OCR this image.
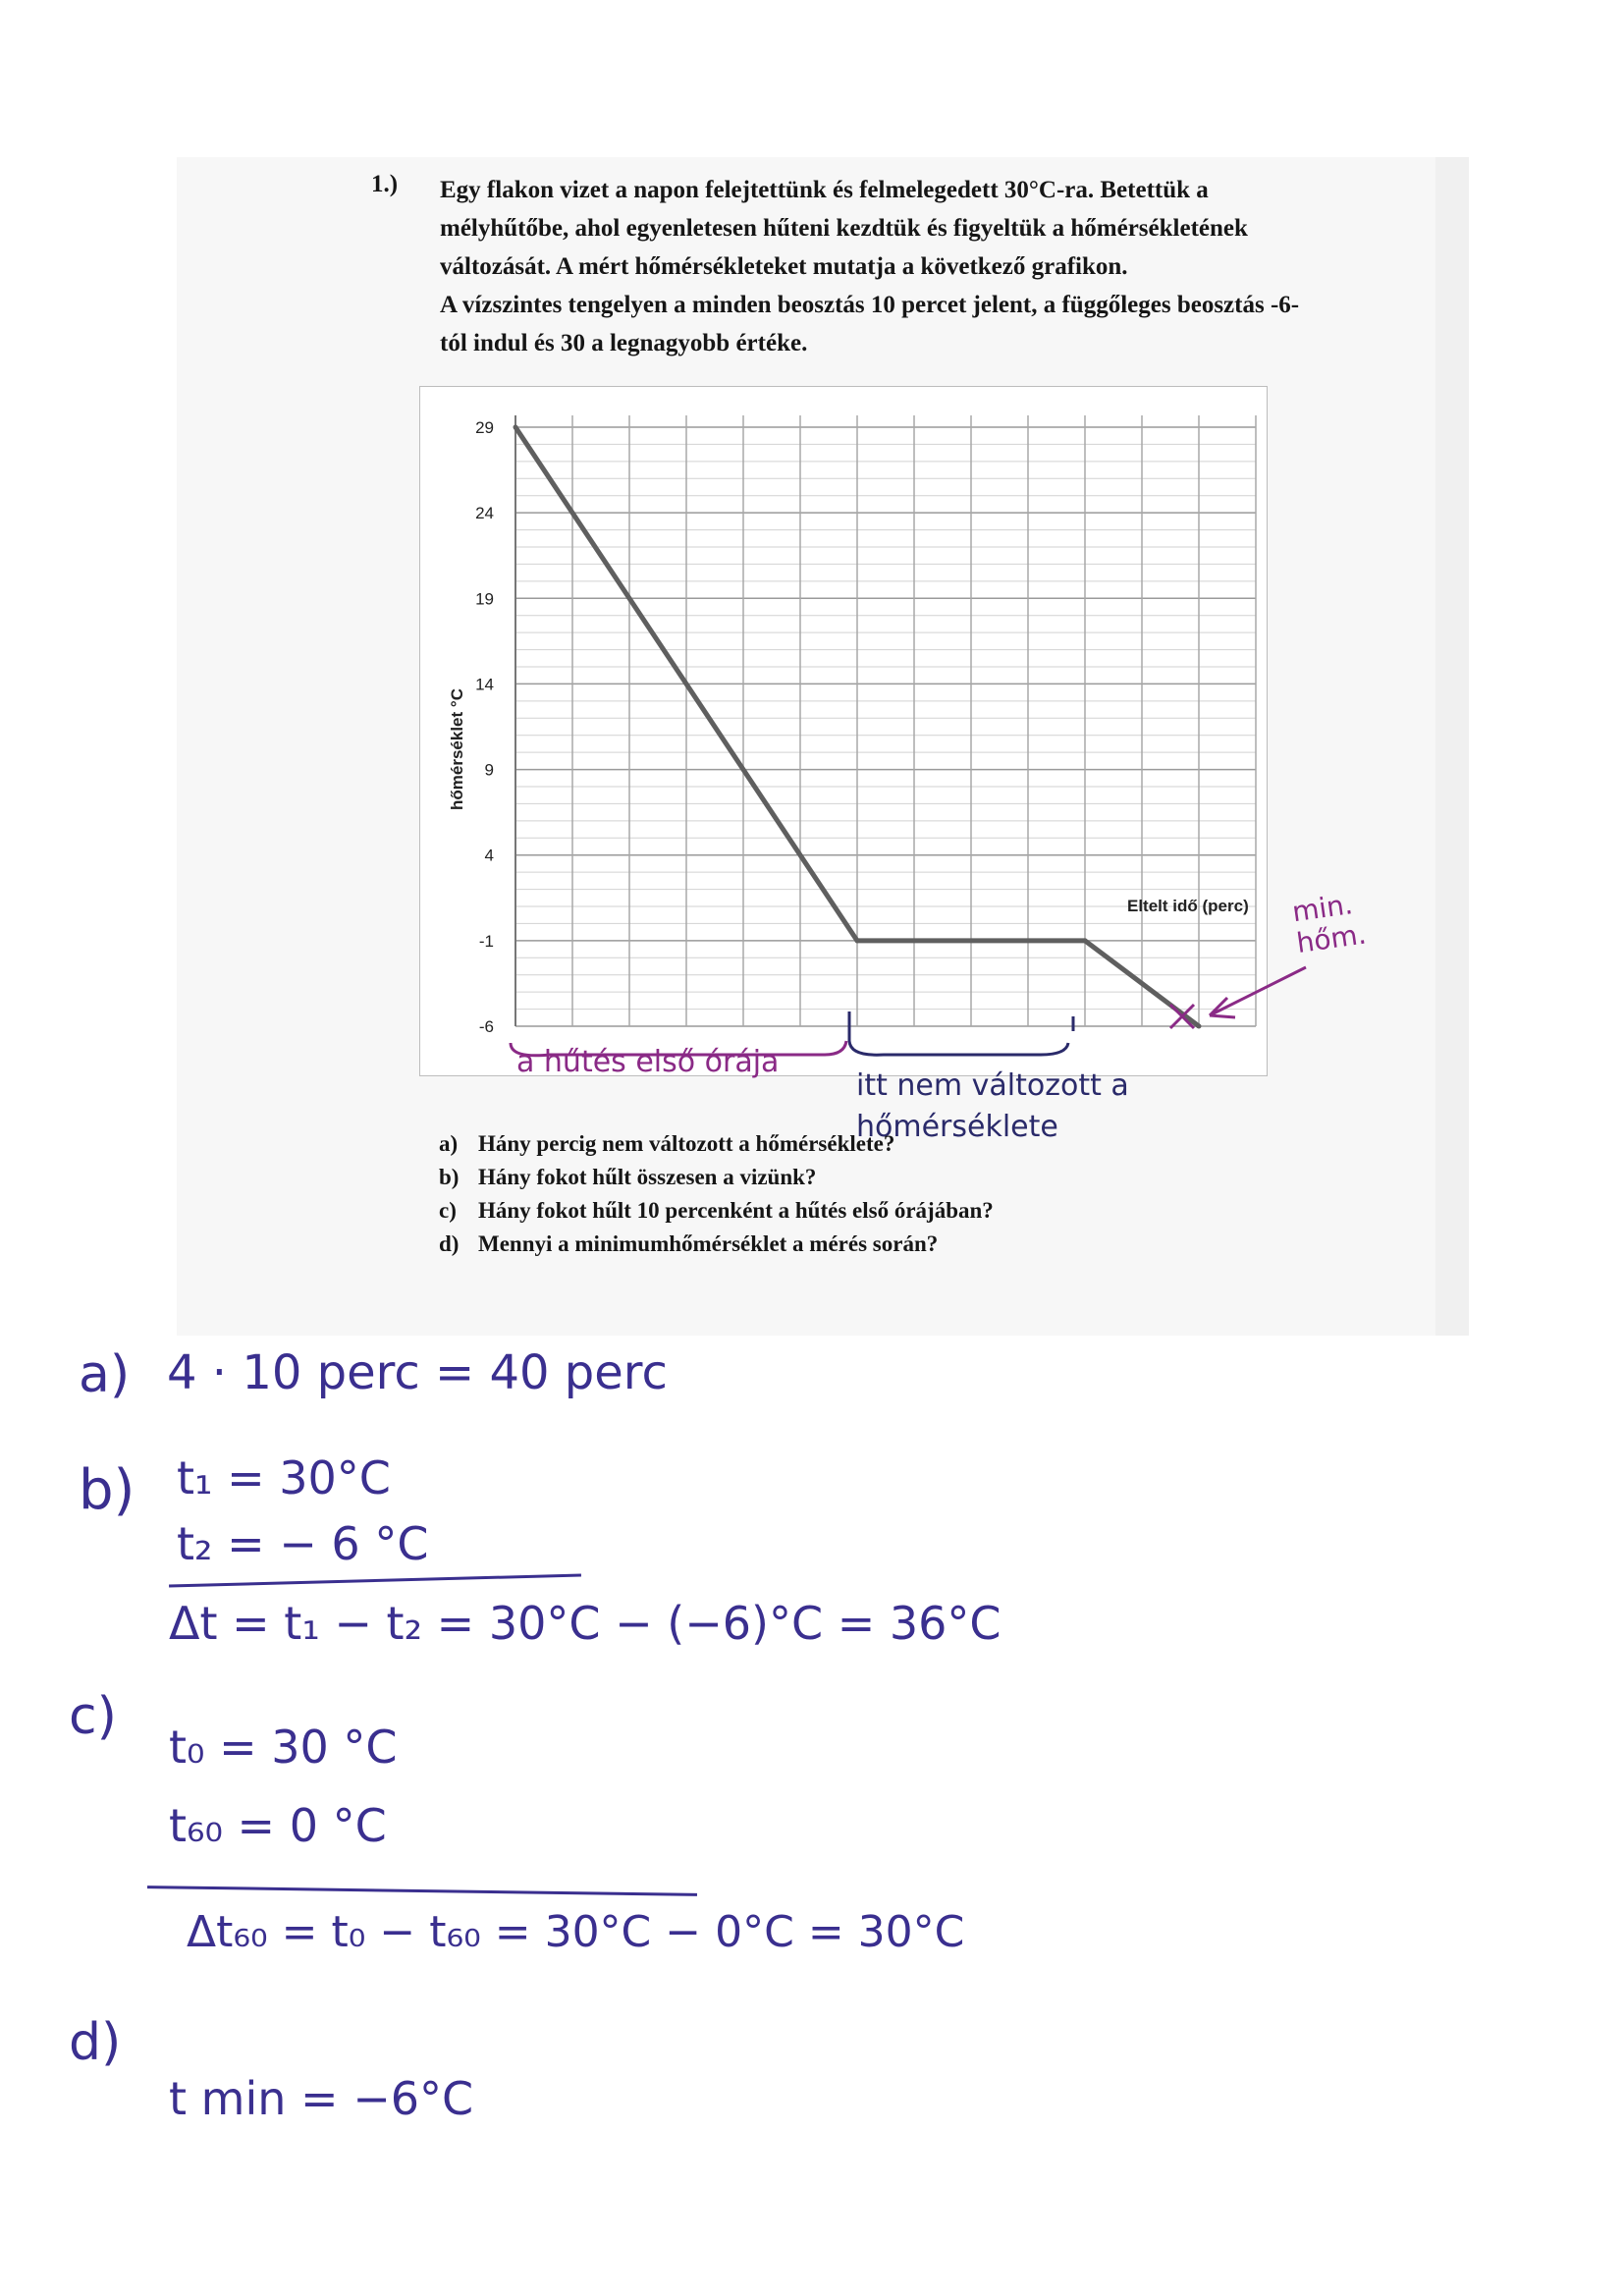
1.) Egy flakon vizet a napon felejtettünk és felmelegedett 30°C-ra. Betettük a
mélyhűtőbe, ahol egyenletesen hűteni kezdtük és figyeltük a hőmérsékletének
változását. A mért hőmérsékleteket mutatja a következő grafikon.
A vízszintes tengelyen a minden beosztás 10 percet jelent, a függőleges beosztás -6-
tól indul és 30 a legnagyobb értéke.
29
24
19
14
9
4
-1
-6
hőmérséklet °C
Eltelt idő (perc) min. hőm.
a hűtés első órája
itt nem változott a hőmérséklete
a) Hány percig nem változott a hőmérséklete?
b) Hány fokot hűlt összesen a vizünk?
c) Hány fokot hűlt 10 percenként a hűtés első órájában?
d) Mennyi a minimumhőmérséklet a mérés során?
a) 4 · 10 perc = 40 perc
b) t₁ = 30°C
t₂ = − 6 °C
Δt = t₁ − t₂ = 30°C − (−6)°C = 36°C
c)
t₀ = 30 °C
t₆₀ = 0 °C
Δt₆₀ = t₀ − t₆₀ = 30°C − 0°C = 30°C
d)
t min = −6°C
